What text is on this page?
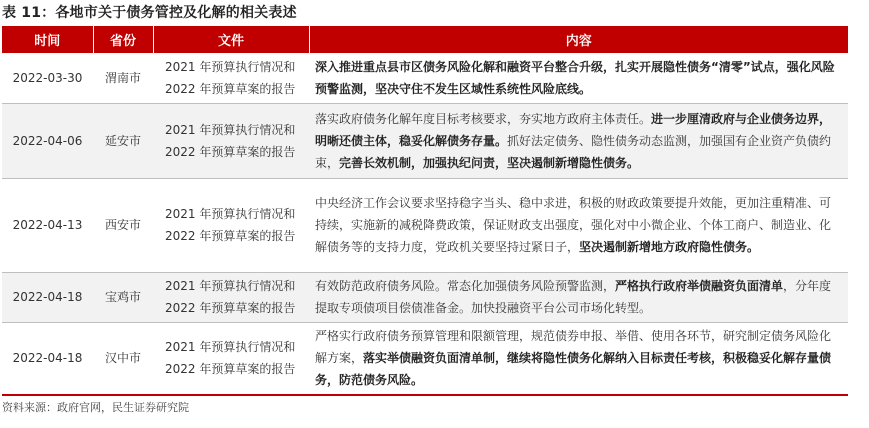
表 11：各地市关于债务管控及化解的相关表述
时间	省份	文件	内容
2022-03-30	渭南市	2021 年预算执行情况和
2022 年预算草案的报告	深入推进重点县市区债务风险化解和融资平台整合升级，扎实开展隐性债务“清零”试点，强化风险预警监测，坚决守住不发生区域性系统性风险底线。
2022-04-06	延安市	2021 年预算执行情况和
2022 年预算草案的报告	落实政府债务化解年度目标考核要求，夯实地方政府主体责任。进一步厘清政府与企业债务边界，明晰还债主体，稳妥化解债务存量。抓好法定债务、隐性债务动态监测，加强国有企业资产负债约束，完善长效机制，加强执纪问责，坚决遏制新增隐性债务。
2022-04-13	西安市	2021 年预算执行情况和
2022 年预算草案的报告	中央经济工作会议要求坚持稳字当头、稳中求进，积极的财政政策要提升效能，更加注重精准、可持续，实施新的减税降费政策，保证财政支出强度，强化对中小微企业、个体工商户、制造业、化解债务等的支持力度，党政机关要坚持过紧日子，坚决遏制新增地方政府隐性债务。
2022-04-18	宝鸡市	2021 年预算执行情况和
2022 年预算草案的报告	有效防范政府债务风险。常态化加强债务风险预警监测，严格执行政府举债融资负面清单，分年度提取专项债项目偿债准备金。加快投融资平台公司市场化转型。
2022-04-18	汉中市	2021 年预算执行情况和
2022 年预算草案的报告	严格实行政府债务预算管理和限额管理，规范债券申报、举借、使用各环节，研究制定债务风险化解方案，落实举债融资负面清单制，继续将隐性债务化解纳入目标责任考核，积极稳妥化解存量债务，防范债务风险。
资料来源：政府官网，民生证券研究院
